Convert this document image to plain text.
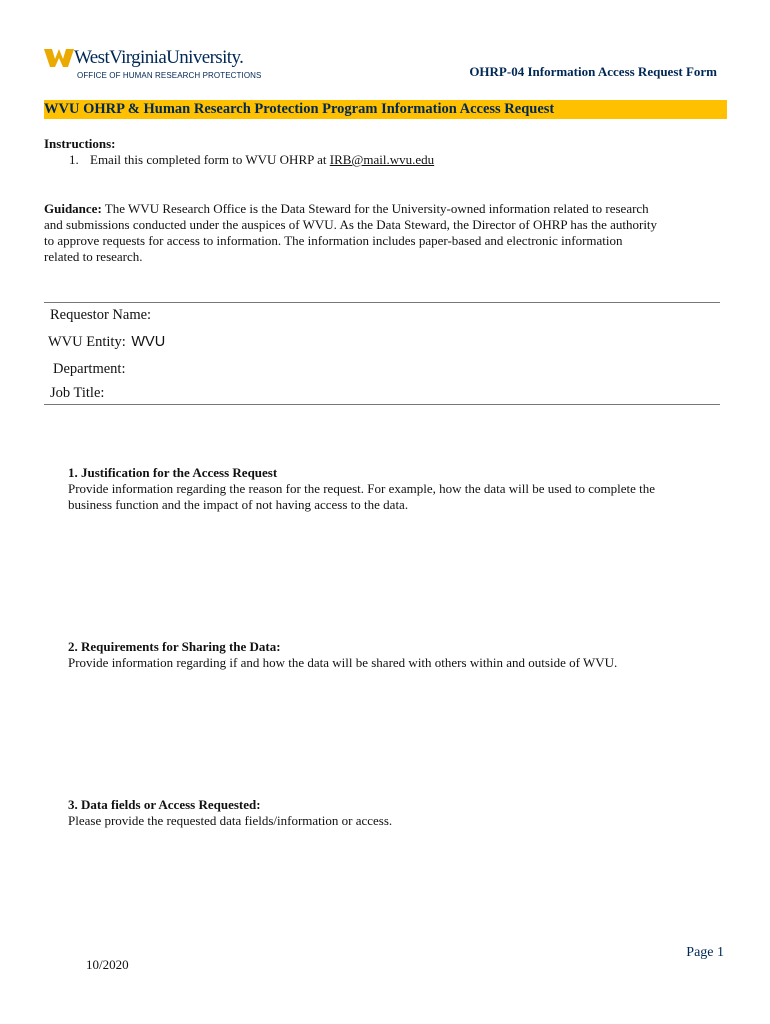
WestVirginiaUniversity.
OFFICE OF HUMAN RESEARCH PROTECTIONS	OHRP-04 Information Access Request Form
WVU OHRP & Human Research Protection Program Information Access Request
Instructions:
1. Email this completed form to WVU OHRP at IRB@mail.wvu.edu
Guidance: The WVU Research Office is the Data Steward for the University-owned information related to research
and submissions conducted under the auspices of WVU. As the Data Steward, the Director of OHRP has the authority
to approve requests for access to information. The information includes paper-based and electronic information
related to research.
Requestor Name:
WVU Entity: WVU
Department:
Job Title:
1. Justification for the Access Request
Provide information regarding the reason for the request. For example, how the data will be used to complete the
business function and the impact of not having access to the data.
2. Requirements for Sharing the Data:
Provide information regarding if and how the data will be shared with others within and outside of WVU.
3. Data fields or Access Requested:
Please provide the requested data fields/information or access.
Page 1
10/2020
